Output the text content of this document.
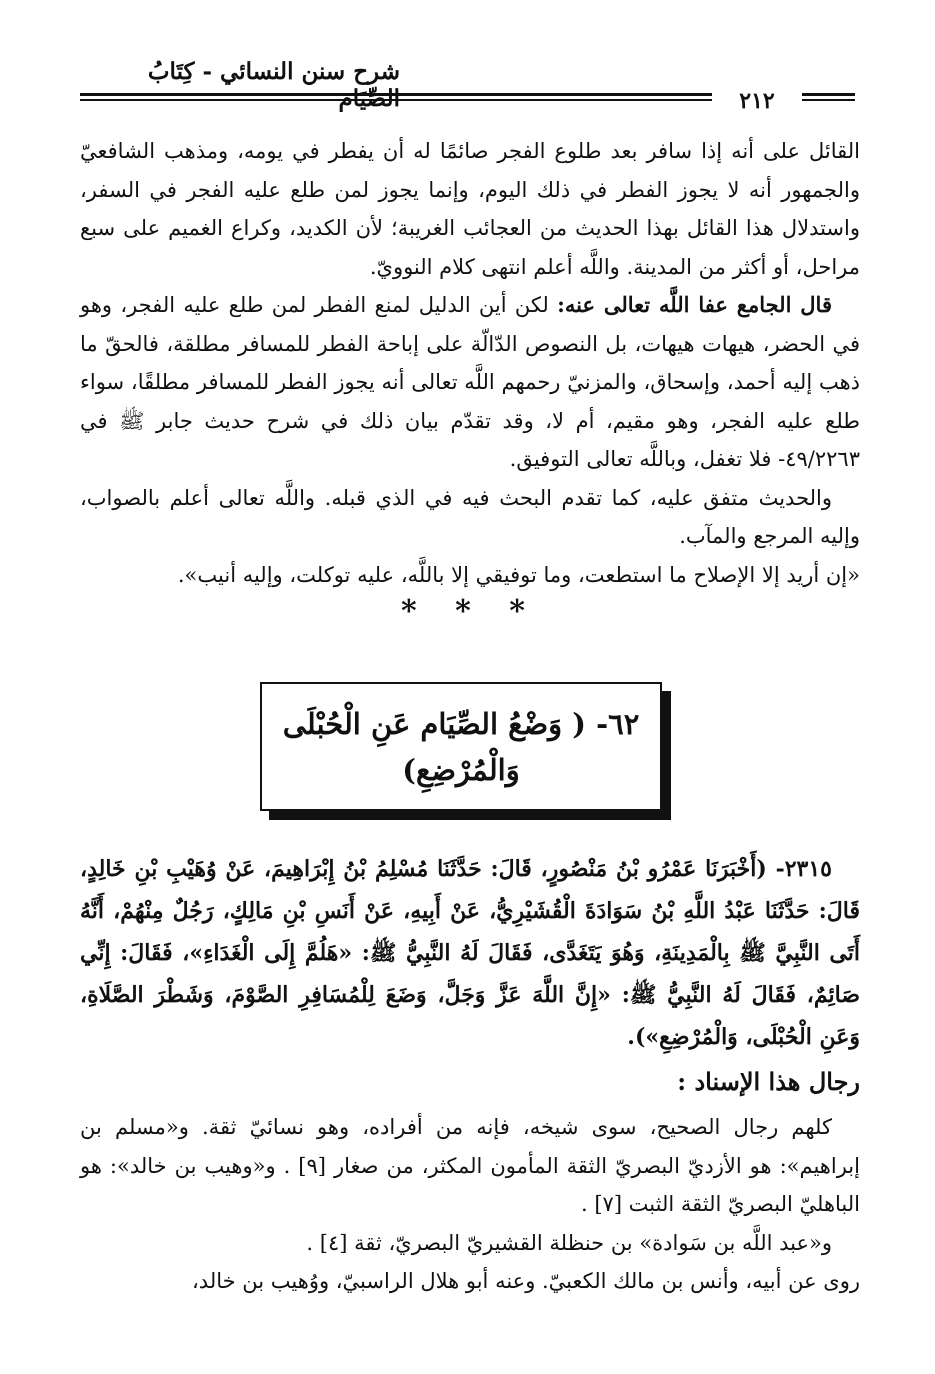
شرح سنن النسائي - كِتَابُ
٢١٢

القائل على أنه إذا سافر بعد طلوع الفجر صائمًا له أن يفطر في يومه، ومذهب الشافعيّ والجمهور أنه لا يجوز الفطر في ذلك اليوم، وإنما يجوز لمن طلع عليه الفجر في السفر، واستدلال هذا القائل بهذا الحديث من العجائب الغريبة؛ لأن الكديد، وكراع الغميم على سبع مراحل، أو أكثر من المدينة. واللَّه أعلم انتهى كلام النوويّ.

قال الجامع عفا اللَّه تعالى عنه: لكن أين الدليل لمنع الفطر لمن طلع عليه الفجر، وهو في الحضر، هيهات هيهات، بل النصوص الدّالّة على إباحة الفطر للمسافر مطلقة، فالحقّ ما ذهب إليه أحمد، وإسحاق، والمزنيّ رحمهم اللَّه تعالى أنه يجوز الفطر للمسافر مطلقًا، سواء طلع عليه الفجر، وهو مقيم، أم لا، وقد تقدّم بيان ذلك في شرح حديث جابر ﷺ في ٤٩/٢٢٦٣- فلا تغفل، وباللَّه تعالى التوفيق.

والحديث متفق عليه، كما تقدم البحث فيه في الذي قبله. واللَّه تعالى أعلم بالصواب، وإليه المرجع والمآب.

«إن أريد إلا الإصلاح ما استطعت، وما توفيقي إلا باللَّه، عليه توكلت، وإليه أنيب».

* * *
٦٢- ( وَضْعُ الصِّيَام عَنِ الْحُبْلَى
وَالْمُرْضِعِ)

٢٣١٥- (أَخْبَرَنَا عَمْرُو بْنُ مَنْصُورٍ، قَالَ: حَدَّثَنَا مُسْلِمُ بْنُ إِبْرَاهِيمَ، عَنْ وُهَيْبِ بْنِ خَالِدٍ، قَالَ: حَدَّثَنَا عَبْدُ اللَّهِ بْنُ سَوَادَةَ الْقُشَيْرِيُّ، عَنْ أَبِيهِ، عَنْ أَنَسِ بْنِ مَالِكٍ، رَجُلٌ مِنْهُمْ، أَنَّهُ أَتَى النَّبِيَّ ﷺ بِالْمَدِينَةِ، وَهُوَ يَتَغَدَّى، فَقَالَ لَهُ النَّبِيُّ ﷺ: «هَلُمَّ إِلَى الْغَدَاءِ»، فَقَالَ: إِنِّي صَائِمٌ، فَقَالَ لَهُ النَّبِيُّ ﷺ: «إِنَّ اللَّهَ عَزَّ وَجَلَّ، وَضَعَ لِلْمُسَافِرِ الصَّوْمَ، وَشَطْرَ الصَّلَاةِ، وَعَنِ الْحُبْلَى، وَالْمُرْضِعِ»).

رجال هذا الإسناد :

كلهم رجال الصحيح، سوى شيخه، فإنه من أفراده، وهو نسائيّ ثقة. و«مسلم بن إبراهيم»: هو الأزديّ البصريّ الثقة المأمون المكثر، من صغار [٩] . و«وهيب بن خالد»: هو الباهليّ البصريّ الثقة الثبت [٧] .

و«عبد اللَّه بن سَوادة» بن حنظلة القشيريّ البصريّ، ثقة [٤] .

روى عن أبيه، وأنس بن مالك الكعبيّ. وعنه أبو هلال الراسبيّ، ووُهيب بن خالد،
